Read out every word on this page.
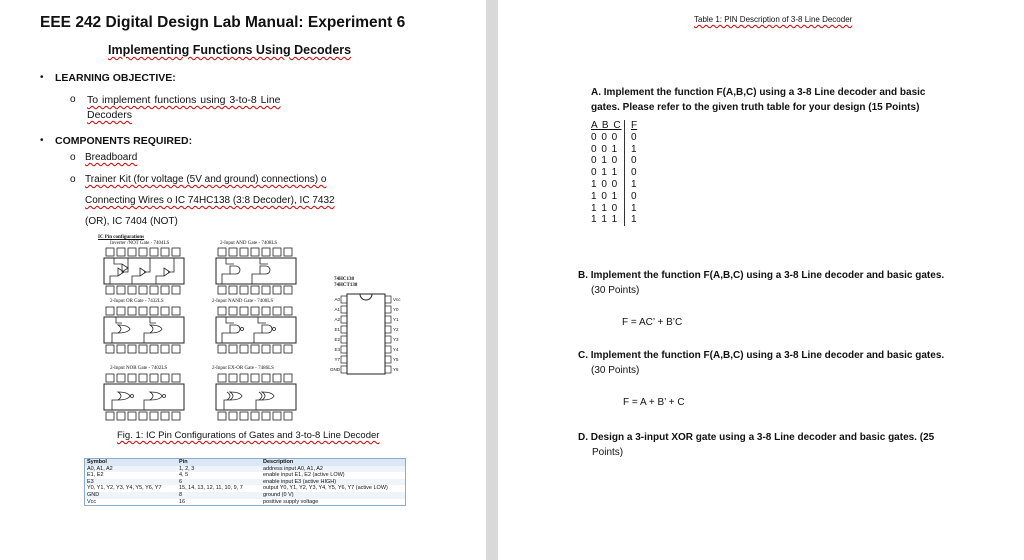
EEE 242 Digital Design Lab Manual: Experiment 6
Implementing Functions Using Decoders
• LEARNING OBJECTIVE:
o To implement functions using 3-to-8 Line
Decoders
• COMPONENTS REQUIRED:
o Breadboard
o Trainer Kit (for voltage (5V and ground) connections) o
Connecting Wires o IC 74HC138 (3:8 Decoder), IC 7432
(OR), IC 7404 (NOT)
IC Pin configurations
Inverter /NOT Gate - 7404LS	2-Input AND Gate - 7408LS
2-Input OR Gate - 7432LS	2-Input NAND Gate - 7400LS
2-Input NOR Gate - 7402LS	2-Input EX-OR Gate - 7486LS
74HC138
74HCT138
A0
A1
A2
E1
E2
E3
Y7
GND
Vcc
Y0
Y1
Y2
Y3
Y4
Y5
Y6
Fig. 1: IC Pin Configurations of Gates and 3-to-8 Line Decoder
Symbol	Pin	Description
A0, A1, A2	1, 2, 3	address input A0, A1, A2
E1, E2	4, 5	enable input E1, E2 (active LOW)
E3	6	enable input E3 (active HIGH)
Y0, Y1, Y2, Y3, Y4, Y5, Y6, Y7	15, 14, 13, 12, 11, 10, 9, 7	output Y0, Y1, Y2, Y3, Y4, Y5, Y6, Y7 (active LOW)
GND	8	ground (0 V)
Vcc	16	positive supply voltage
Table 1: PIN Description of 3-8 Line Decoder
A. Implement the function F(A,B,C) using a 3-8 Line decoder and basic
gates. Please refer to the given truth table for your design (15 Points)
A B C F
0 0 0	0
0 0 1	1
0 1 0	0
0 1 1	0
1 0 0	1
1 0 1	0
1 1 0	1
1 1 1	1
B. Implement the function F(A,B,C) using a 3-8 Line decoder and basic gates.
(30 Points)
F = AC’ + B’C
C. Implement the function F(A,B,C) using a 3-8 Line decoder and basic gates.
(30 Points)
F = A + B’ + C
D. Design a 3-input XOR gate using a 3-8 Line decoder and basic gates. (25
Points)
